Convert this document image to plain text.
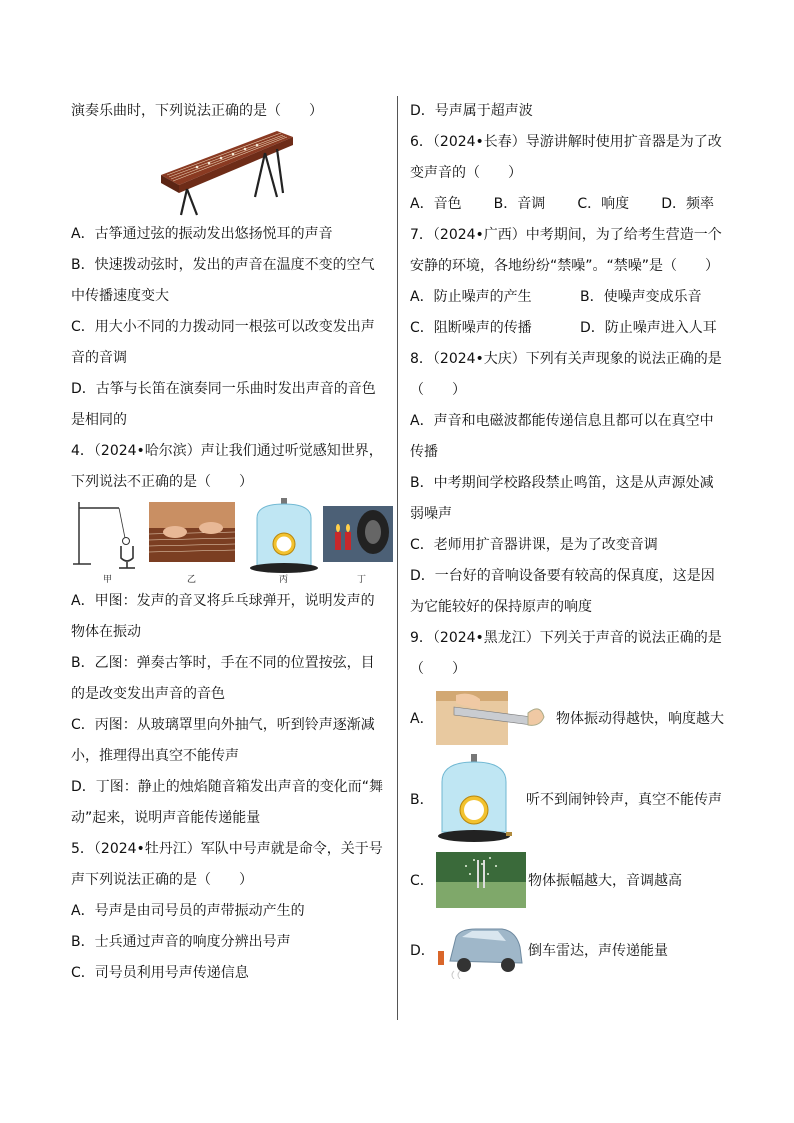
演奏乐曲时，下列说法正确的是（　　）

A．古筝通过弦的振动发出悠扬悦耳的声音

B．快速拨动弦时，发出的声音在温度不变的空气

中传播速度变大

C．用大小不同的力拨动同一根弦可以改变发出声

音的音调

D．古筝与长笛在演奏同一乐曲时发出声音的音色

是相同的

4．（2024•哈尔滨）声让我们通过听觉感知世界，

下列说法不正确的是（　　）

甲	乙	丙	丁

A．甲图：发声的音叉将乒乓球弹开，说明发声的

物体在振动

B．乙图：弹奏古筝时，手在不同的位置按弦，目

的是改变发出声音的音色

C．丙图：从玻璃罩里向外抽气，听到铃声逐渐减

小，推理得出真空不能传声

D．丁图：静止的烛焰随音箱发出声音的变化而“舞

动”起来，说明声音能传递能量

5．（2024•牡丹江）军队中号声就是命令，关于号

声下列说法正确的是（　　）

A．号声是由司号员的声带振动产生的

B．士兵通过声音的响度分辨出号声

C．司号员利用号声传递信息

D．号声属于超声波

6．（2024•长春）导游讲解时使用扩音器是为了改

变声音的（　　）

A．音色 B．音调 C．响度 D．频率

7．（2024•广西）中考期间，为了给考生营造一个

安静的环境，各地纷纷“禁噪”。“禁噪”是（　　）

A．防止噪声的产生	B．使噪声变成乐音

C．阻断噪声的传播	D．防止噪声进入人耳

8．（2024•大庆）下列有关声现象的说法正确的是

（　　）

A．声音和电磁波都能传递信息且都可以在真空中

传播

B．中考期间学校路段禁止鸣笛，这是从声源处减

弱噪声

C．老师用扩音器讲课，是为了改变音调

D．一台好的音响设备要有较高的保真度，这是因

为它能较好的保持原声的响度

9．（2024•黑龙江）下列关于声音的说法正确的是

（　　）

A．	物体振动得越快，响度越大
B．	听不到闹钟铃声，真空不能传声
C．	物体振幅越大，音调越高
D．	倒车雷达，声传递能量
